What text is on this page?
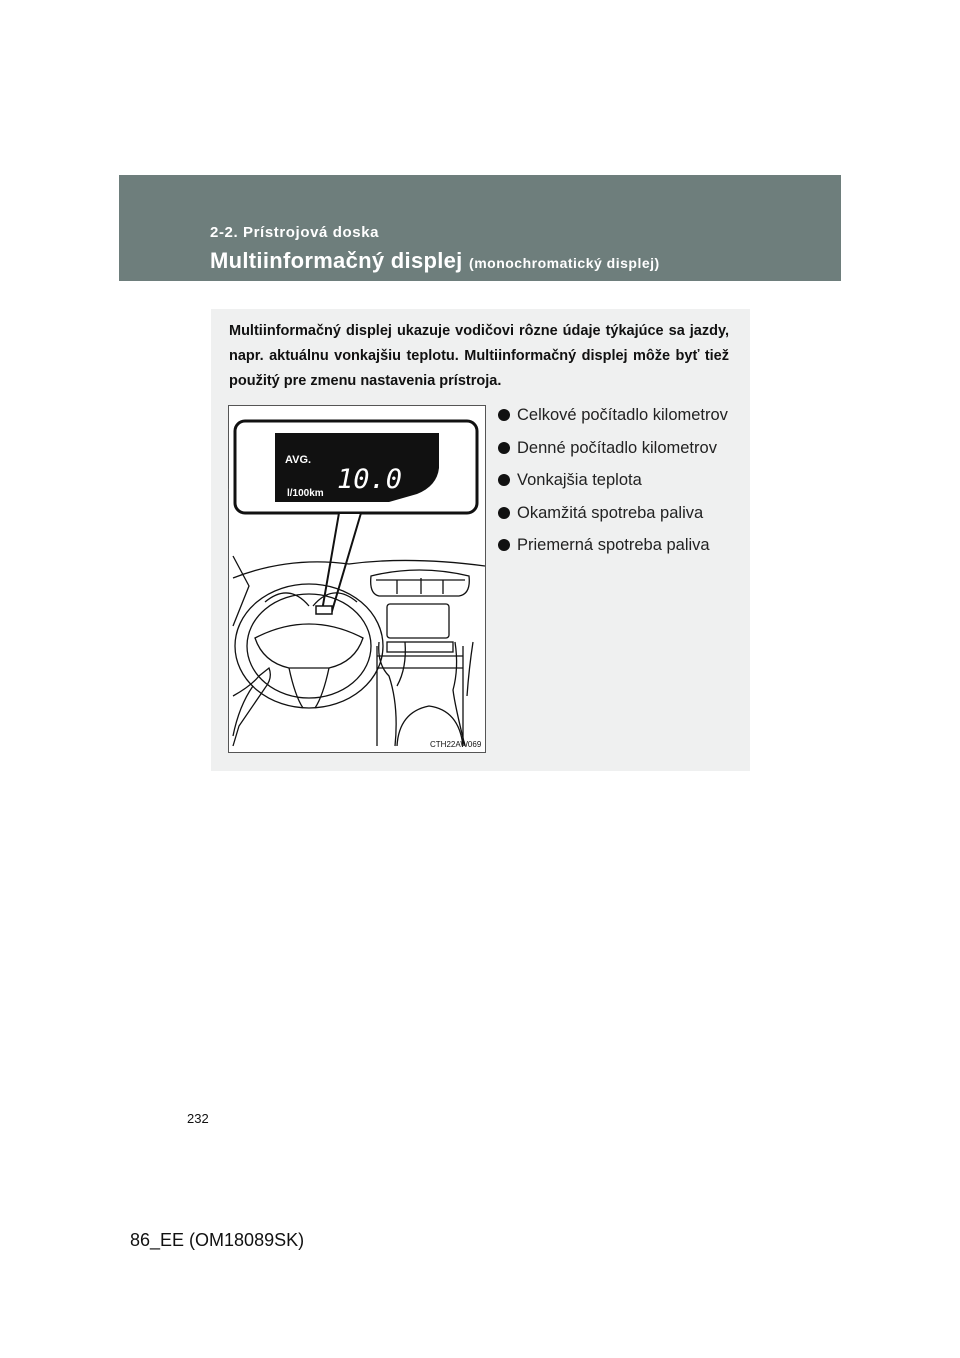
2-2. Prístrojová doska
Multiinformačný displej (monochromatický displej)
Multiinformačný displej ukazuje vodičovi rôzne údaje týkajúce sa jazdy, napr. aktuálnu vonkajšiu teplotu. Multiinformačný displej môže byť tiež použitý pre zmenu nastavenia prístroja.
AVG.
10.0
l/100km
CTH22AW069
Celkové počítadlo kilometrov
Denné počítadlo kilometrov
Vonkajšia teplota
Okamžitá spotreba paliva
Priemerná spotreba paliva
232
86_EE (OM18089SK)
